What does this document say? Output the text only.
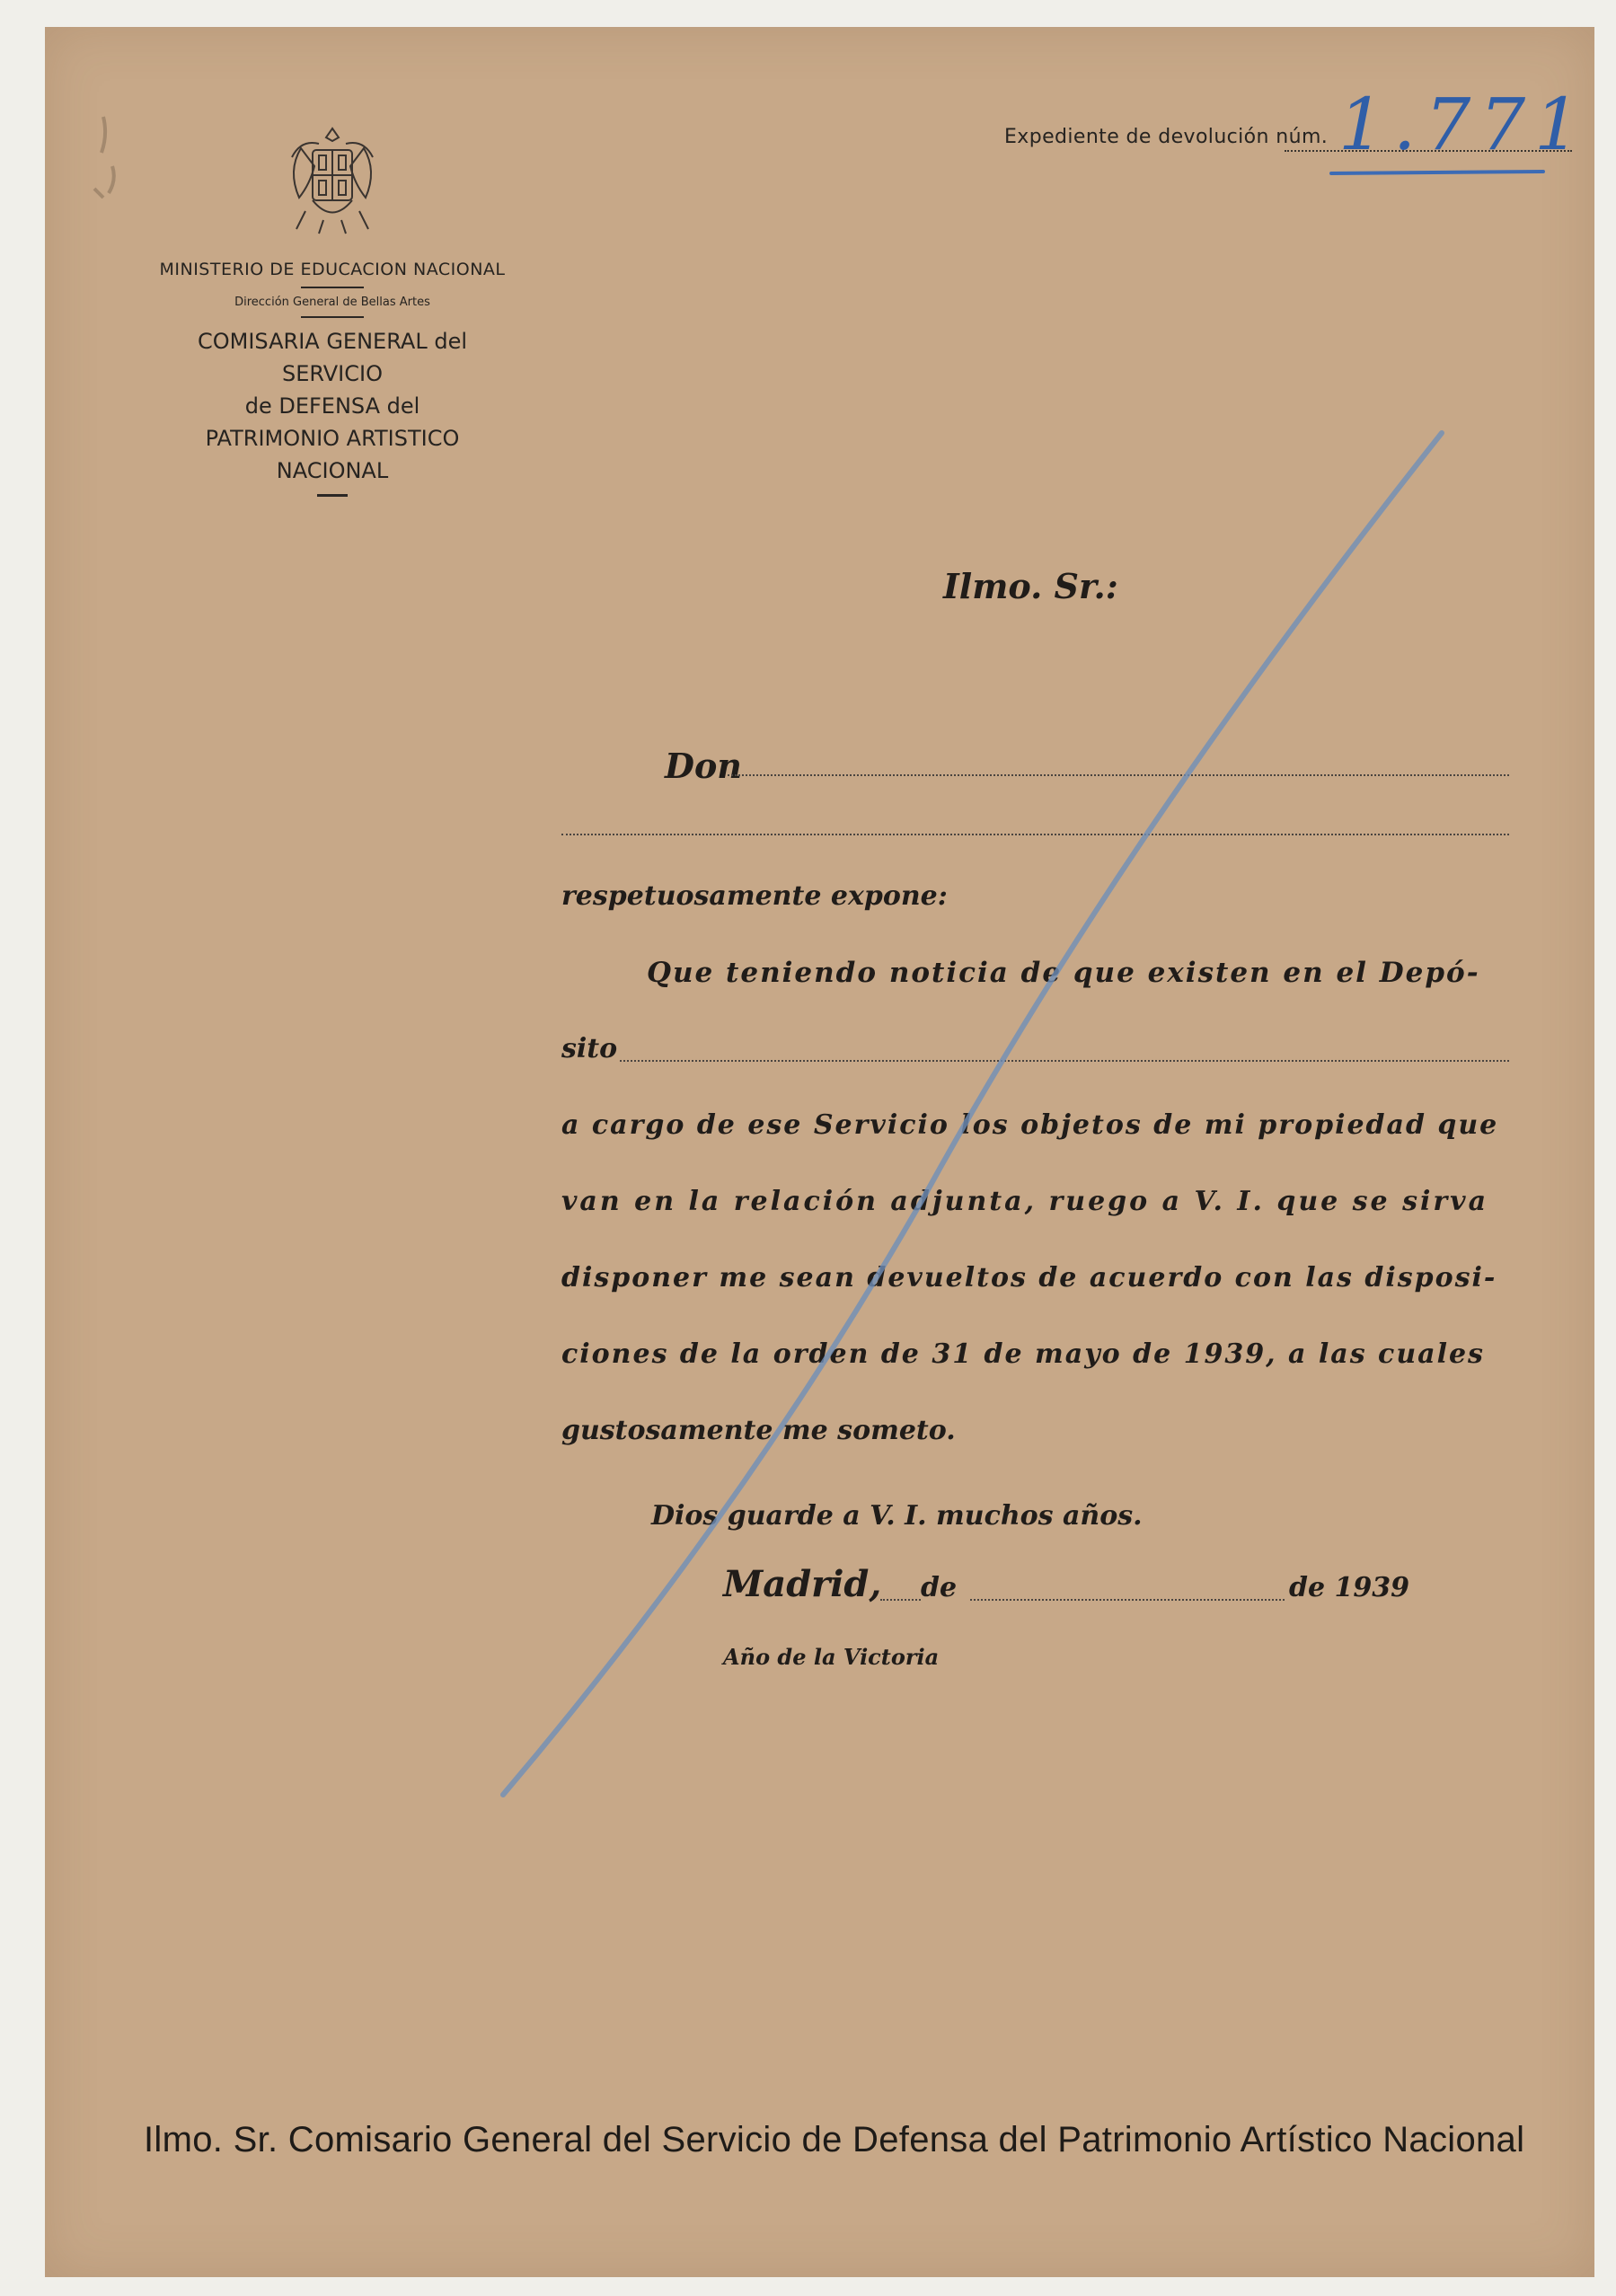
MINISTERIO DE EDUCACION NACIONAL
Dirección General de Bellas Artes
COMISARIA GENERAL del SERVICIO
de DEFENSA del
PATRIMONIO ARTISTICO NACIONAL
Expediente de devolución núm. 1.771
Ilmo. Sr.:
Don
respetuosamente expone:
Que teniendo noticia de que existen en el Depó-
sito
a cargo de ese Servicio los objetos de mi propiedad que
van en la relación adjunta, ruego a V. I. que se sirva
disponer me sean devueltos de acuerdo con las disposi-
ciones de la orden de 31 de mayo de 1939, a las cuales
gustosamente me someto.
Dios guarde a V. I. muchos años.
Madrid, de	de 1939
Año de la Victoria
Ilmo. Sr. Comisario General del Servicio de Defensa del Patrimonio Artístico Nacional
